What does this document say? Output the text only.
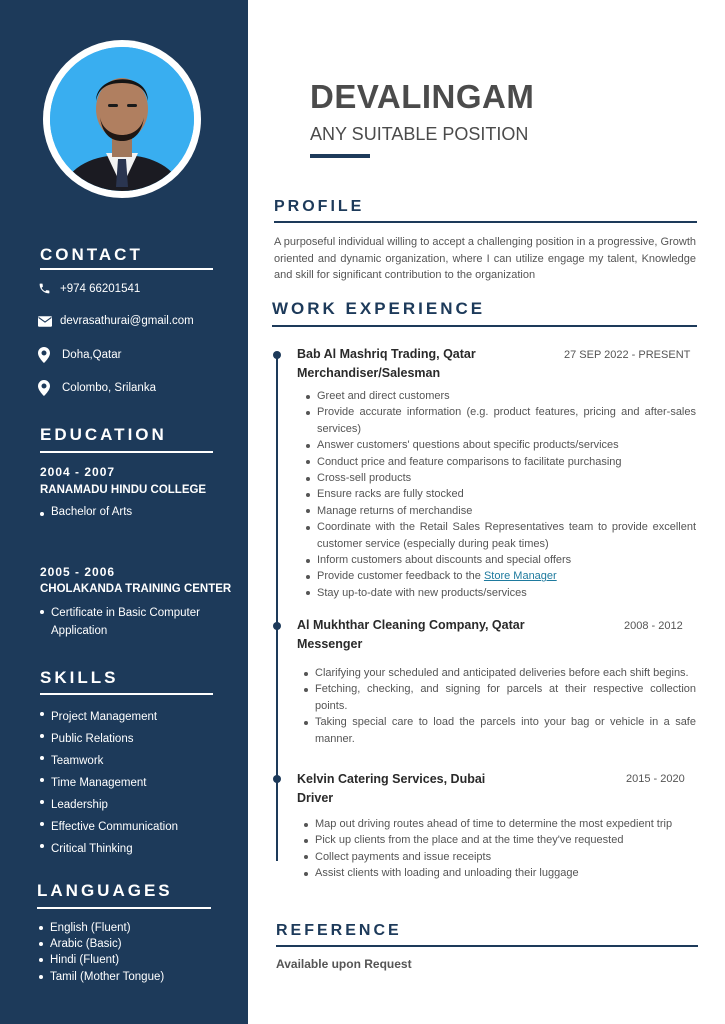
CONTACT
+974 66201541
devrasathurai@gmail.com
Doha,Qatar
Colombo, Srilanka
EDUCATION
2004 - 2007
RANAMADU HINDU COLLEGE
Bachelor of Arts
2005 - 2006
CHOLAKANDA TRAINING CENTER
Certificate in Basic Computer
Application
SKILLS
Project Management
Public Relations
Teamwork
Time Management
Leadership
Effective Communication
Critical Thinking
LANGUAGES
English (Fluent)
Arabic (Basic)
Hindi (Fluent)
Tamil (Mother Tongue)
DEVALINGAM
ANY SUITABLE POSITION
PROFILE
A purposeful individual willing to accept a challenging position in a progressive, Growth oriented and dynamic organization, where I can utilize engage my talent, Knowledge and skill for significant contribution to the organization
WORK EXPERIENCE
Bab Al Mashriq Trading, Qatar	27 SEP 2022 - PRESENT
Merchandiser/Salesman
Greet and direct customers
Provide accurate information (e.g. product features, pricing and after-sales services)
Answer customers' questions about specific products/services
Conduct price and feature comparisons to facilitate purchasing
Cross-sell products
Ensure racks are fully stocked
Manage returns of merchandise
Coordinate with the Retail Sales Representatives team to provide excellent customer service (especially during peak times)
Inform customers about discounts and special offers
Provide customer feedback to the Store Manager
Stay up-to-date with new products/services
Al Mukhthar Cleaning Company, Qatar	2008 - 2012
Messenger
Clarifying your scheduled and anticipated deliveries before each shift begins.
Fetching, checking, and signing for parcels at their respective collection points.
Taking special care to load the parcels into your bag or vehicle in a safe manner.
Kelvin Catering Services, Dubai	2015 - 2020
Driver
Map out driving routes ahead of time to determine the most expedient trip
Pick up clients from the place and at the time they've requested
Collect payments and issue receipts
Assist clients with loading and unloading their luggage
REFERENCE
Available upon Request
